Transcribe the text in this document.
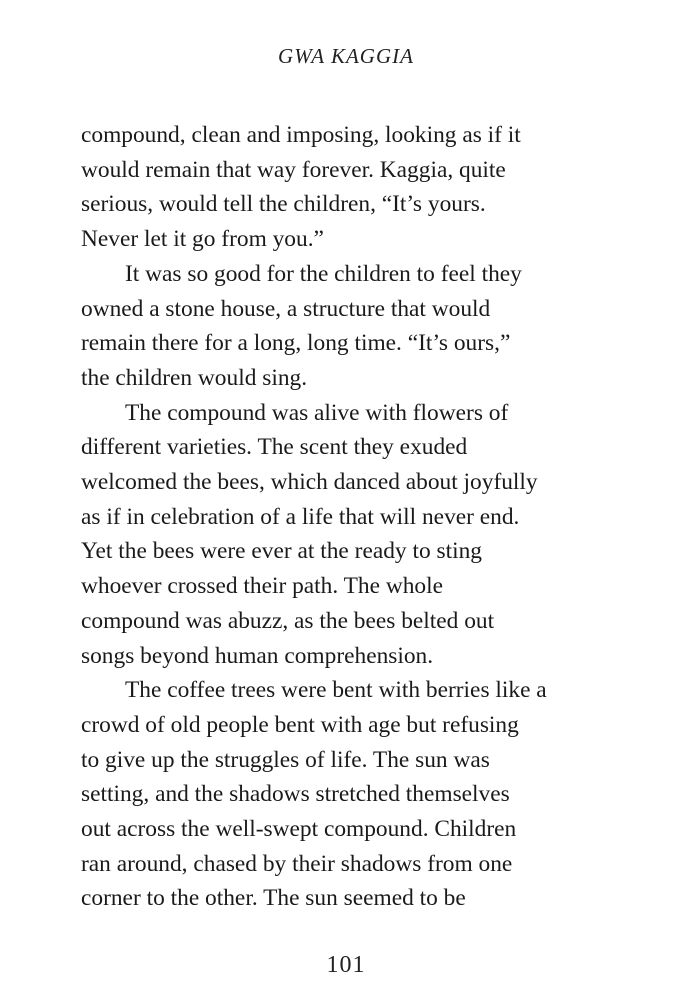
GWA KAGGIA
compound, clean and imposing, looking as if it
would remain that way forever. Kaggia, quite
serious, would tell the children, “It’s yours.
Never let it go from you.”
It was so good for the children to feel they
owned a stone house, a structure that would
remain there for a long, long time. “It’s ours,”
the children would sing.
The compound was alive with flowers of
different varieties. The scent they exuded
welcomed the bees, which danced about joyfully
as if in celebration of a life that will never end.
Yet the bees were ever at the ready to sting
whoever crossed their path. The whole
compound was abuzz, as the bees belted out
songs beyond human comprehension.
The coffee trees were bent with berries like a
crowd of old people bent with age but refusing
to give up the struggles of life. The sun was
setting, and the shadows stretched themselves
out across the well-swept compound. Children
ran around, chased by their shadows from one
corner to the other. The sun seemed to be
101
